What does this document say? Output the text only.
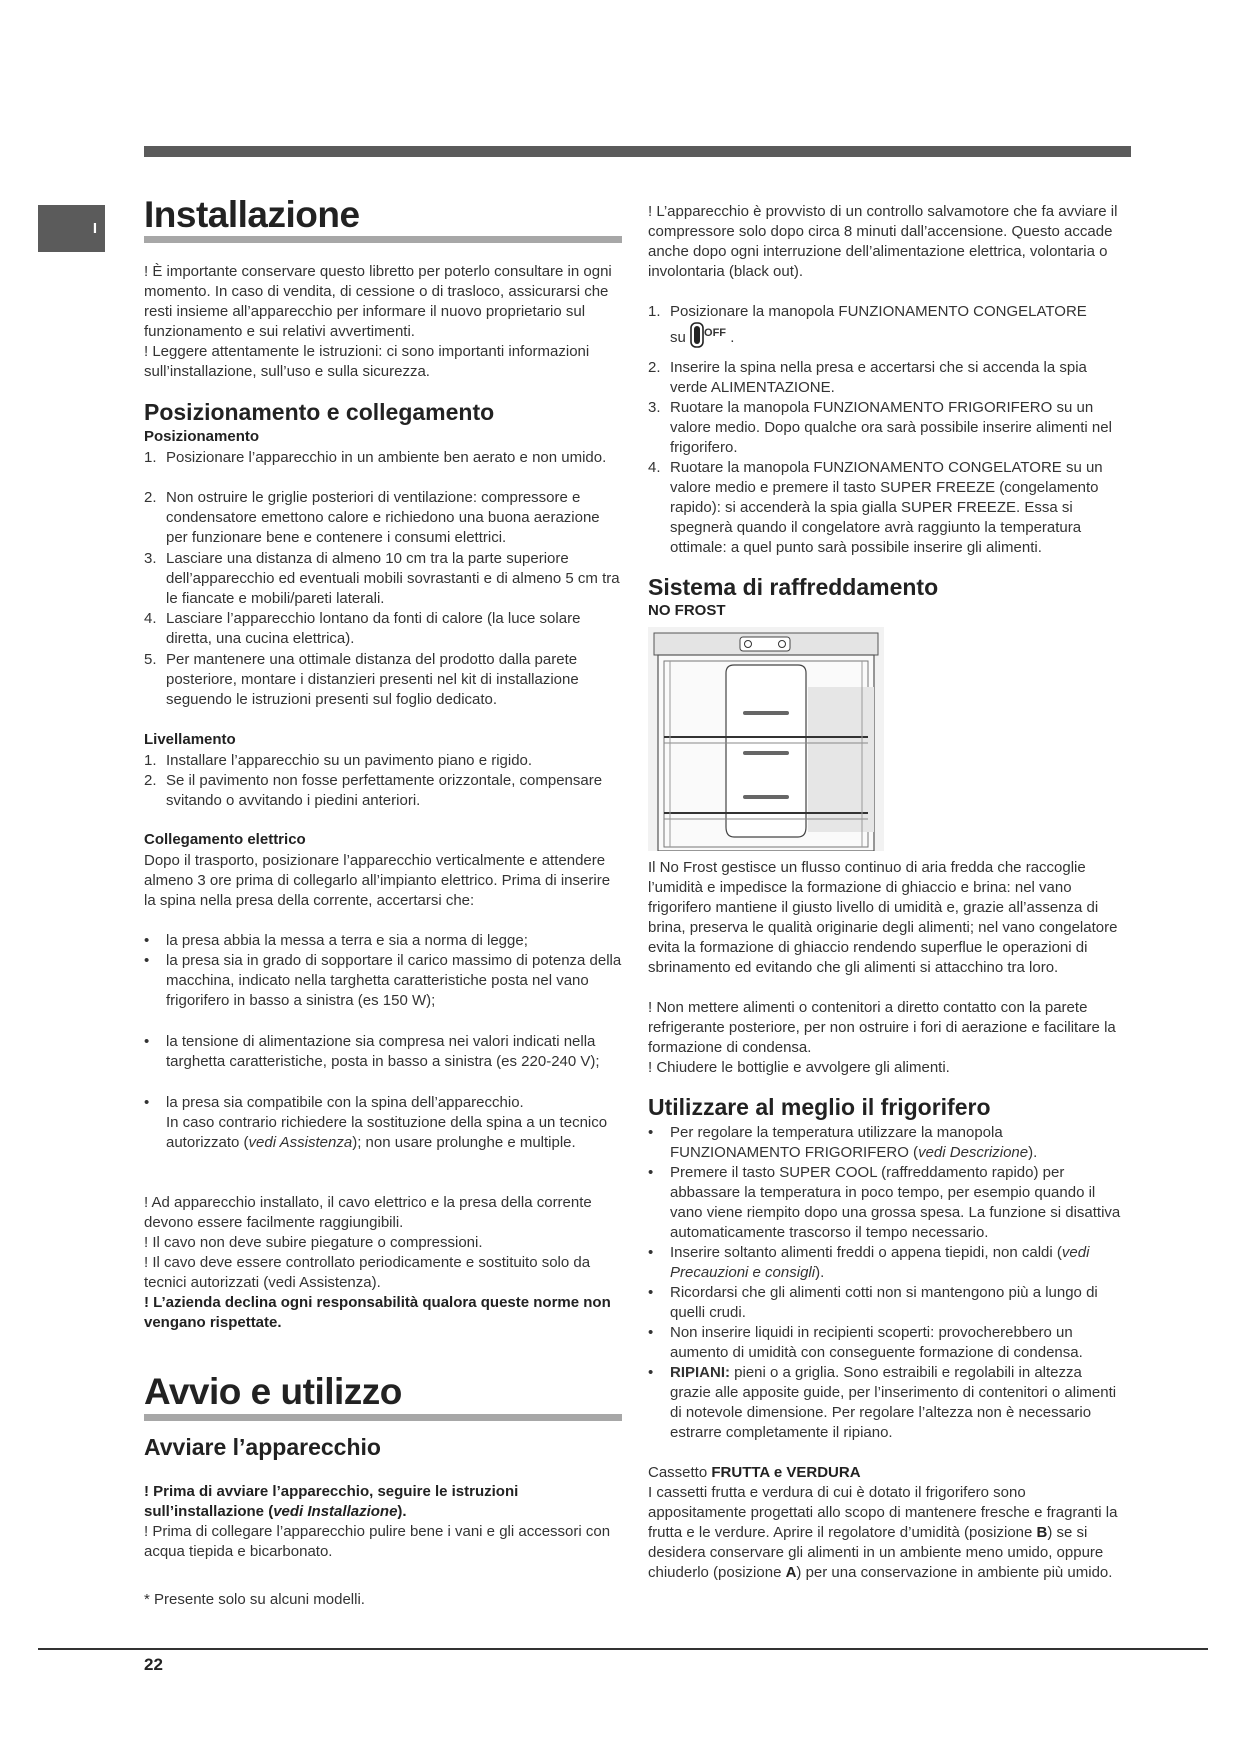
I Installazione
! È importante conservare questo libretto per poterlo consultare in ogni momento. In caso di vendita, di cessione o di trasloco, assicurarsi che resti insieme all’apparecchio per informare il nuovo proprietario sul funzionamento e sui relativi avvertimenti.
! Leggere attentamente le istruzioni: ci sono importanti informazioni sull’installazione, sull’uso e sulla sicurezza.
Posizionamento e collegamento
Posizionamento
1. Posizionare l’apparecchio in un ambiente ben aerato e non umido.
2. Non ostruire le griglie posteriori di ventilazione: compressore e condensatore emettono calore e richiedono una buona aerazione per funzionare bene e contenere i consumi elettrici.
3. Lasciare una distanza di almeno 10 cm tra la parte superiore dell’apparecchio ed eventuali mobili sovrastanti e di almeno 5 cm tra le fiancate e mobili/pareti laterali.
4. Lasciare l’apparecchio lontano da fonti di calore (la luce solare diretta, una cucina elettrica).
5. Per mantenere una ottimale distanza del prodotto dalla parete posteriore, montare i distanzieri presenti nel kit di installazione seguendo le istruzioni presenti sul foglio dedicato.
Livellamento
1. Installare l’apparecchio su un pavimento piano e rigido.
2. Se il pavimento non fosse perfettamente orizzontale, compensare svitando o avvitando i piedini anteriori.
Collegamento elettrico
Dopo il trasporto, posizionare l’apparecchio verticalmente e attendere almeno 3 ore prima di collegarlo all’impianto elettrico. Prima di inserire la spina nella presa della corrente, accertarsi che:
•	la presa abbia la messa a terra e sia a norma di legge;
•	la presa sia in grado di sopportare il carico massimo di potenza della macchina, indicato nella targhetta caratteristiche posta nel vano frigorifero in basso a sinistra (es 150 W);
•	la tensione di alimentazione sia compresa nei valori indicati nella targhetta caratteristiche, posta in basso a sinistra (es 220-240 V);
•	la presa sia compatibile con la spina dell’apparecchio.
In caso contrario richiedere la sostituzione della spina a un tecnico autorizzato (vedi Assistenza); non usare prolunghe e multiple.
! Ad apparecchio installato, il cavo elettrico e la presa della corrente devono essere facilmente raggiungibili.
! Il cavo non deve subire piegature o compressioni.
! Il cavo deve essere controllato periodicamente e sostituito solo da tecnici autorizzati (vedi Assistenza).
! L’azienda declina ogni responsabilità qualora queste norme non vengano rispettate.
Avvio e utilizzo
Avviare l’apparecchio
! Prima di avviare l’apparecchio, seguire le istruzioni sull’installazione (vedi Installazione).
! Prima di collegare l’apparecchio pulire bene i vani e gli accessori con acqua tiepida e bicarbonato.
* Presente solo su alcuni modelli.
! L’apparecchio è provvisto di un controllo salvamotore che fa avviare il compressore solo dopo circa 8 minuti dall’accensione. Questo accade anche dopo ogni interruzione dell’alimentazione elettrica, volontaria o involontaria (black out).
1. Posizionare la manopola FUNZIONAMENTO CONGELATORE
su $^{OFF}$ .
2. Inserire la spina nella presa e accertarsi che si accenda la spia verde ALIMENTAZIONE.
3. Ruotare la manopola FUNZIONAMENTO FRIGORIFERO su un valore medio. Dopo qualche ora sarà possibile inserire alimenti nel frigorifero.
4. Ruotare la manopola FUNZIONAMENTO CONGELATORE su un valore medio e premere il tasto SUPER FREEZE (congelamento rapido): si accenderà la spia gialla SUPER FREEZE. Essa si spegnerà quando il congelatore avrà raggiunto la temperatura ottimale: a quel punto sarà possibile inserire gli alimenti.
Sistema di raffreddamento
NO FROST
Il No Frost gestisce un flusso continuo di aria fredda che raccoglie l’umidità e impedisce la formazione di ghiaccio e brina: nel vano frigorifero mantiene il giusto livello di umidità e, grazie all’assenza di brina, preserva le qualità originarie degli alimenti; nel vano congelatore evita la formazione di ghiaccio rendendo superflue le operazioni di sbrinamento ed evitando che gli alimenti si attacchino tra loro.
! Non mettere alimenti o contenitori a diretto contatto con la parete refrigerante posteriore, per non ostruire i fori di aerazione e facilitare la formazione di condensa.
! Chiudere le bottiglie e avvolgere gli alimenti.
Utilizzare al meglio il frigorifero
•	Per regolare la temperatura utilizzare la manopola FUNZIONAMENTO FRIGORIFERO (vedi Descrizione).
•	Premere il tasto SUPER COOL (raffreddamento rapido) per abbassare la temperatura in poco tempo, per esempio quando il vano viene riempito dopo una grossa spesa. La funzione si disattiva automaticamente trascorso il tempo necessario.
•	Inserire soltanto alimenti freddi o appena tiepidi, non caldi (vedi Precauzioni e consigli).
•	Ricordarsi che gli alimenti cotti non si mantengono più a lungo di quelli crudi.
•	Non inserire liquidi in recipienti scoperti: provocherebbero un aumento di umidità con conseguente formazione di condensa.
•	RIPIANI: pieni o a griglia. Sono estraibili e regolabili in altezza grazie alle apposite guide, per l’inserimento di contenitori o alimenti di notevole dimensione. Per regolare l’altezza non è necessario estrarre completamente il ripiano.
Cassetto FRUTTA e VERDURA
I cassetti frutta e verdura di cui è dotato il frigorifero sono appositamente progettati allo scopo di mantenere fresche e fragranti la frutta e le verdure. Aprire il regolatore d’umidità (posizione B) se si desidera conservare gli alimenti in un ambiente meno umido, oppure chiuderlo (posizione A) per una conservazione in ambiente più umido.
22
